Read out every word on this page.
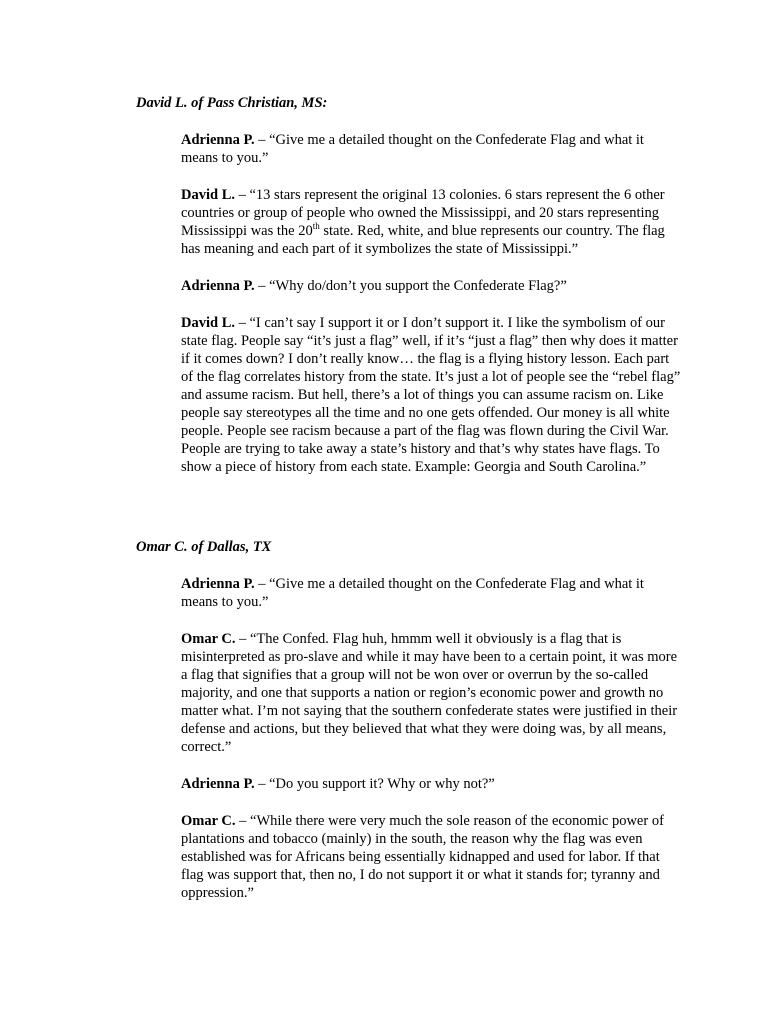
David L. of Pass Christian, MS:

Adrienna P. – “Give me a detailed thought on the Confederate Flag and what it means to you.”

David L. – “13 stars represent the original 13 colonies. 6 stars represent the 6 other countries or group of people who owned the Mississippi, and 20 stars representing Mississippi was the 20th state. Red, white, and blue represents our country. The flag has meaning and each part of it symbolizes the state of Mississippi.”

Adrienna P. – “Why do/don’t you support the Confederate Flag?”

David L. – “I can’t say I support it or I don’t support it. I like the symbolism of our state flag. People say “it’s just a flag” well, if it’s “just a flag” then why does it matter if it comes down? I don’t really know… the flag is a flying history lesson. Each part of the flag correlates history from the state. It’s just a lot of people see the “rebel flag” and assume racism. But hell, there’s a lot of things you can assume racism on. Like people say stereotypes all the time and no one gets offended. Our money is all white people. People see racism because a part of the flag was flown during the Civil War. People are trying to take away a state’s history and that’s why states have flags. To show a piece of history from each state. Example: Georgia and South Carolina.”

Omar C. of Dallas, TX

Adrienna P. – “Give me a detailed thought on the Confederate Flag and what it means to you.”

Omar C. – “The Confed. Flag huh, hmmm well it obviously is a flag that is misinterpreted as pro-slave and while it may have been to a certain point, it was more a flag that signifies that a group will not be won over or overrun by the so-called majority, and one that supports a nation or region’s economic power and growth no matter what. I’m not saying that the southern confederate states were justified in their defense and actions, but they believed that what they were doing was, by all means, correct.”

Adrienna P. – “Do you support it? Why or why not?”

Omar C. – “While there were very much the sole reason of the economic power of plantations and tobacco (mainly) in the south, the reason why the flag was even established was for Africans being essentially kidnapped and used for labor. If that flag was support that, then no, I do not support it or what it stands for; tyranny and oppression.”
